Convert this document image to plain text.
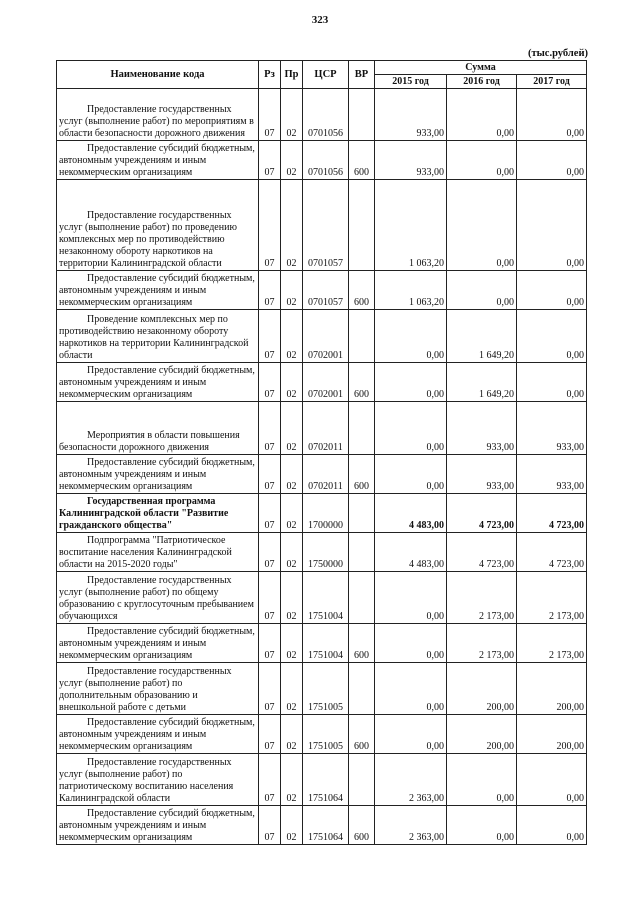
323
(тыс.рублей)
Наименование кода	Рз	Пр	ЦСР	ВР	Сумма		
					2015 год	2016 год	2017 год
Предоставление государственных услуг (выполнение работ) по мероприятиям в области безопасности дорожного движения	07	02	0701056		933,00	0,00	0,00
Предоставление субсидий бюджетным, автономным учреждениям и иным некоммерческим организациям	07	02	0701056	600	933,00	0,00	0,00
Предоставление государственных услуг (выполнение работ) по проведению комплексных мер по противодействию незаконному обороту наркотиков на территории Калининградской области	07	02	0701057		1 063,20	0,00	0,00
Предоставление субсидий бюджетным, автономным учреждениям и иным некоммерческим организациям	07	02	0701057	600	1 063,20	0,00	0,00
Проведение комплексных мер по противодействию незаконному обороту наркотиков на территории Калининградской области	07	02	0702001		0,00	1 649,20	0,00
Предоставление субсидий бюджетным, автономным учреждениям и иным некоммерческим организациям	07	02	0702001	600	0,00	1 649,20	0,00
Мероприятия в области повышения безопасности дорожного движения	07	02	0702011		0,00	933,00	933,00
Предоставление субсидий бюджетным, автономным учреждениям и иным некоммерческим организациям	07	02	0702011	600	0,00	933,00	933,00
Государственная программа Калининградской области "Развитие гражданского общества"	07	02	1700000		4 483,00	4 723,00	4 723,00
Подпрограмма "Патриотическое воспитание населения Калининградской области на 2015-2020 годы"	07	02	1750000		4 483,00	4 723,00	4 723,00
Предоставление государственных услуг (выполнение работ) по общему образованию с круглосуточным пребыванием обучающихся	07	02	1751004		0,00	2 173,00	2 173,00
Предоставление субсидий бюджетным, автономным учреждениям и иным некоммерческим организациям	07	02	1751004	600	0,00	2 173,00	2 173,00
Предоставление государственных услуг (выполнение работ) по дополнительным образованию и внешкольной работе с детьми	07	02	1751005		0,00	200,00	200,00
Предоставление субсидий бюджетным, автономным учреждениям и иным некоммерческим организациям	07	02	1751005	600	0,00	200,00	200,00
Предоставление государственных услуг (выполнение работ) по патриотическому воспитанию населения Калининградской области	07	02	1751064		2 363,00	0,00	0,00
Предоставление субсидий бюджетным, автономным учреждениям и иным некоммерческим организациям	07	02	1751064	600	2 363,00	0,00	0,00
